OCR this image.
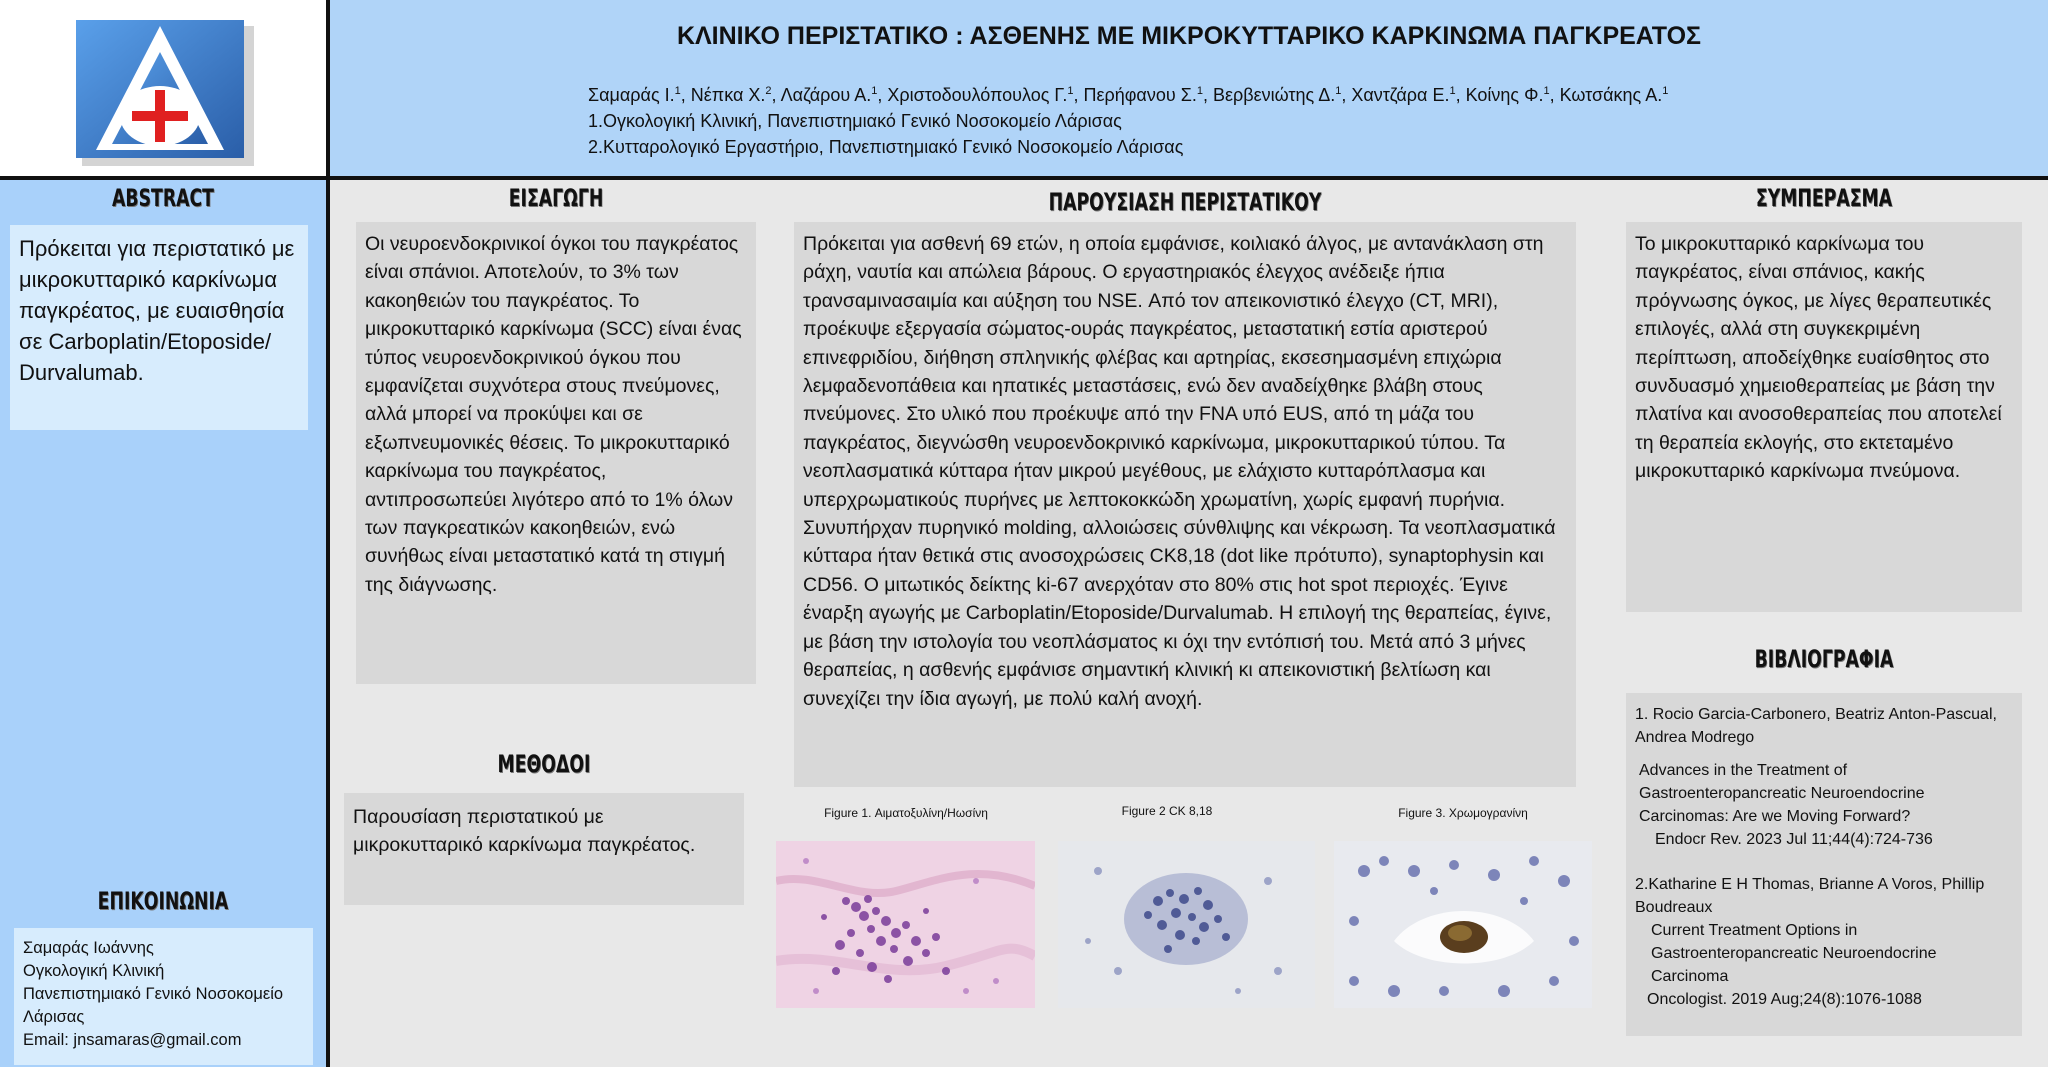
ΚΛΙΝΙΚΟ ΠΕΡΙΣΤΑΤΙΚΟ : ΑΣΘΕΝΗΣ ΜΕ ΜΙΚΡΟΚΥΤΤΑΡΙΚΟ ΚΑΡΚΙΝΩΜΑ ΠΑΓΚΡΕΑΤΟΣ
Σαμαράς Ι.$^1$, Νέπκα Χ.$^2$, Λαζάρου Α.$^1$, Χριστοδουλόπουλος Γ.$^1$, Περήφανου Σ.$^1$, Βερβενιώτης Δ.$^1$, Χαντζάρα Ε.$^1$, Κοίνης Φ.$^1$, Κωτσάκης Α.$^1$
1.Ογκολογική Κλινική, Πανεπιστημιακό Γενικό Νοσοκομείο Λάρισας
2.Κυτταρολογικό Εργαστήριο, Πανεπιστημιακό Γενικό Νοσοκομείο Λάρισας
ABSTRACT
Πρόκειται για περιστατικό με μικροκυτταρικό καρκίνωμα παγκρέατος, με ευαισθησία σε Carboplatin/Etoposide/ Durvalumab.
ΕΠΙΚΟΙΝΩΝΙΑ
Σαμαράς Ιωάννης
Ογκολογική Κλινική
Πανεπιστημιακό Γενικό Νοσοκομείο Λάρισας
Email: jnsamaras@gmail.com
ΕΙΣΑΓΩΓΗ
Οι νευροενδοκρινικοί όγκοι του παγκρέατος είναι σπάνιοι. Αποτελούν, το 3% των κακοηθειών του παγκρέατος. Το μικροκυτταρικό καρκίνωμα (SCC) είναι ένας τύπος νευροενδοκρινικού όγκου που εμφανίζεται συχνότερα στους πνεύμονες, αλλά μπορεί να προκύψει και σε εξωπνευμονικές θέσεις. Το μικροκυτταρικό καρκίνωμα του παγκρέατος, αντιπροσωπεύει λιγότερο από το 1% όλων των παγκρεατικών κακοηθειών, ενώ συνήθως είναι μεταστατικό κατά τη στιγμή της διάγνωσης.
ΜΕΘΟΔΟΙ
Παρουσίαση περιστατικού με μικροκυτταρικό καρκίνωμα παγκρέατος.
ΠΑΡΟΥΣΙΑΣΗ ΠΕΡΙΣΤΑΤΙΚΟΥ
Πρόκειται για ασθενή 69 ετών, η οποία εμφάνισε, κοιλιακό άλγος, με αντανάκλαση στη ράχη, ναυτία και απώλεια βάρους. Ο εργαστηριακός έλεγχος ανέδειξε ήπια τρανσαμινασαιμία και αύξηση του NSE. Από τον απεικονιστικό έλεγχο (CT, MRI), προέκυψε εξεργασία σώματος-ουράς παγκρέατος, μεταστατική εστία αριστερού επινεφριδίου, διήθηση σπληνικής φλέβας και αρτηρίας, εκσεσημασμένη επιχώρια λεμφαδενοπάθεια και ηπατικές μεταστάσεις, ενώ δεν αναδείχθηκε βλάβη στους πνεύμονες. Στο υλικό που προέκυψε από την FNA υπό EUS, από τη μάζα του παγκρέατος, διεγνώσθη νευροενδοκρινικό καρκίνωμα, μικροκυτταρικού τύπου. Τα νεοπλασματικά κύτταρα ήταν μικρού μεγέθους, με ελάχιστο κυτταρόπλασμα και υπερχρωματικούς πυρήνες με λεπτοκοκκώδη χρωματίνη, χωρίς εμφανή πυρήνια. Συνυπήρχαν πυρηνικό molding, αλλοιώσεις σύνθλιψης και νέκρωση. Τα νεοπλασματικά κύτταρα ήταν θετικά στις ανοσοχρώσεις CK8,18 (dot like πρότυπο), synaptophysin και CD56. Ο μιτωτικός δείκτης ki-67 ανερχόταν στο 80% στις hot spot περιοχές. Έγινε έναρξη αγωγής με Carboplatin/Etoposide/Durvalumab. Η επιλογή της θεραπείας, έγινε, με βάση την ιστολογία του νεοπλάσματος κι όχι την εντόπισή του. Μετά από 3 μήνες θεραπείας, η ασθενής εμφάνισε σημαντική κλινική κι απεικονιστική βελτίωση και συνεχίζει την ίδια αγωγή, με πολύ καλή ανοχή.
Figure 1. Αιματοξυλίνη/Ηωσίνη	Figure 2 CK 8,18	Figure 3. Χρωμογρανίνη
ΣΥΜΠΕΡΑΣΜΑ
Το μικροκυτταρικό καρκίνωμα του παγκρέατος, είναι σπάνιος, κακής πρόγνωσης όγκος, με λίγες θεραπευτικές επιλογές, αλλά στη συγκεκριμένη περίπτωση, αποδείχθηκε ευαίσθητος στο συνδυασμό χημειοθεραπείας με βάση την πλατίνα και ανοσοθεραπείας που αποτελεί τη θεραπεία εκλογής, στο εκτεταμένο μικροκυτταρικό καρκίνωμα πνεύμονα.
ΒΙΒΛΙΟΓΡΑΦΙΑ
1. Rocio Garcia-Carbonero, Beatriz Anton-Pascual, Andrea Modrego
Advances in the Treatment of Gastroenteropancreatic Neuroendocrine Carcinomas: Are we Moving Forward?
Endocr Rev. 2023 Jul 11;44(4):724-736
2.Katharine E H Thomas, Brianne A Voros, Phillip Boudreaux
Current Treatment Options in Gastroenteropancreatic Neuroendocrine Carcinoma
Oncologist. 2019 Aug;24(8):1076-1088
